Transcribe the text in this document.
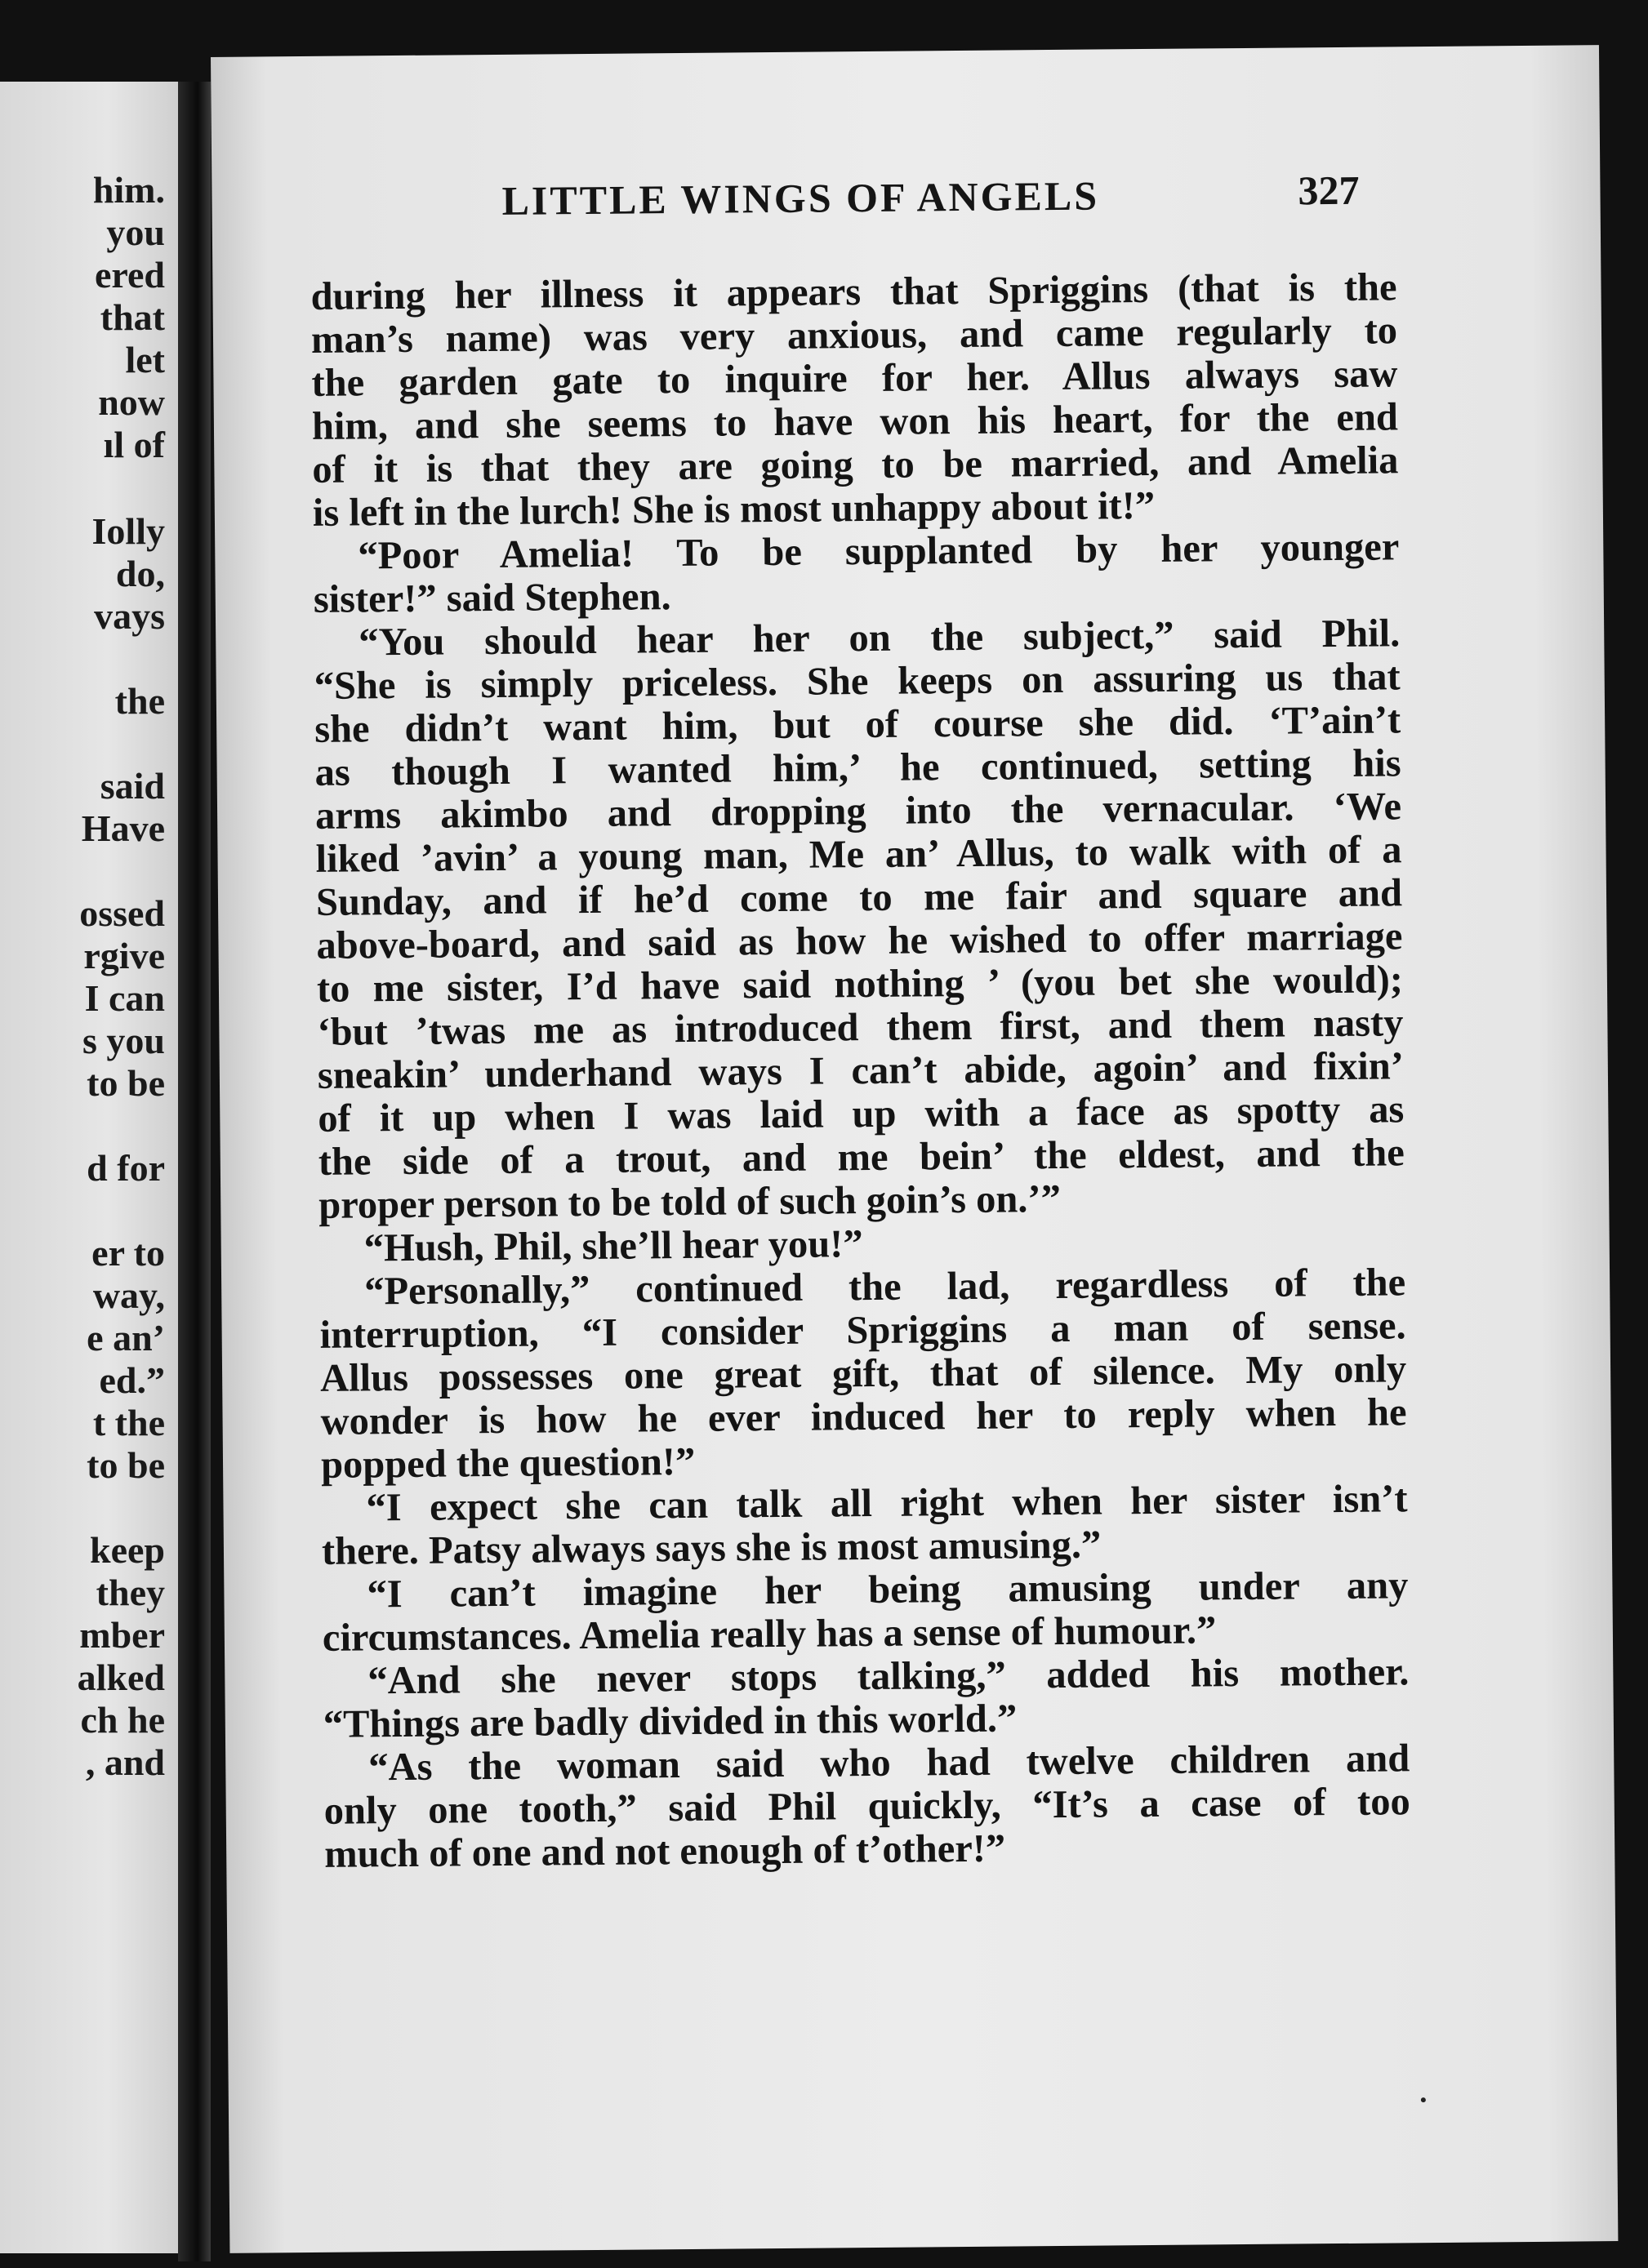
him.
you
ered
that
let
now
ıl of
Iolly
do,
vays
the
said
Have
ossed
rgive
I can
s you
to be
d for
er to
way,
e an’
ed.”
t the
to be
keep
they
mber
alked
ch he
, and
LITTLE WINGS OF ANGELS	327
during her illness it appears that Spriggins (that is the
man’s name) was very anxious, and came regularly to
the garden gate to inquire for her. Allus always saw
him, and she seems to have won his heart, for the end
of it is that they are going to be married, and Amelia
is left in the lurch! She is most unhappy about it!”
“Poor Amelia! To be supplanted by her younger
sister!” said Stephen.
“You should hear her on the subject,” said Phil.
“She is simply priceless. She keeps on assuring us that
she didn’t want him, but of course she did. ‘T’ain’t
as though I wanted him,’ he continued, setting his
arms akimbo and dropping into the vernacular. ‘We
liked ’avin’ a young man, Me an’ Allus, to walk with of a
Sunday, and if he’d come to me fair and square and
above-board, and said as how he wished to offer marriage
to me sister, I’d have said nothing ’ (you bet she would);
‘but ’twas me as introduced them first, and them nasty
sneakin’ underhand ways I can’t abide, agoin’ and fixin’
of it up when I was laid up with a face as spotty as
the side of a trout, and me bein’ the eldest, and the
proper person to be told of such goin’s on.’”
“Hush, Phil, she’ll hear you!”
“Personally,” continued the lad, regardless of the
interruption, “I consider Spriggins a man of sense.
Allus possesses one great gift, that of silence. My only
wonder is how he ever induced her to reply when he
popped the question!”
“I expect she can talk all right when her sister isn’t
there. Patsy always says she is most amusing.”
“I can’t imagine her being amusing under any
circumstances. Amelia really has a sense of humour.”
“And she never stops talking,” added his mother.
“Things are badly divided in this world.”
“As the woman said who had twelve children and
only one tooth,” said Phil quickly, “It’s a case of too
much of one and not enough of t’other!”
